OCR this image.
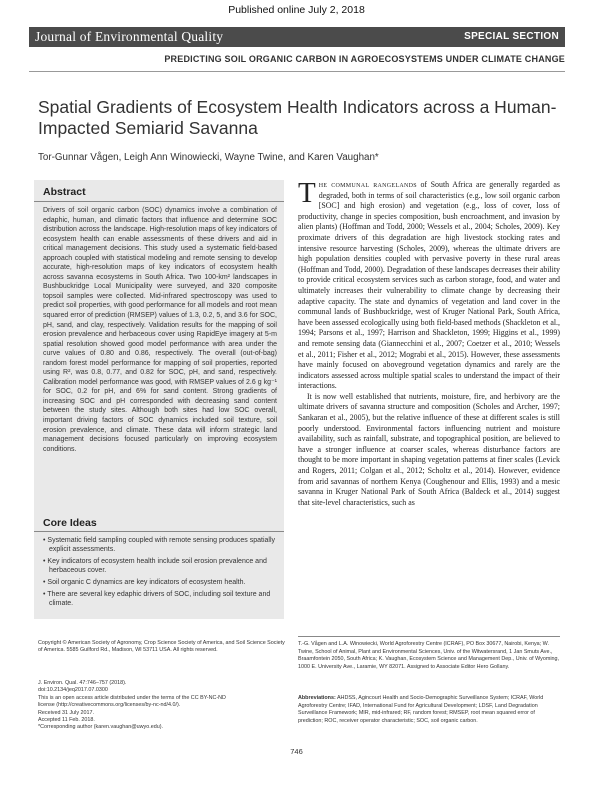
Published online July 2, 2018
Journal of Environmental Quality	SPECIAL SECTION
PREDICTING SOIL ORGANIC CARBON IN AGROECOSYSTEMS UNDER CLIMATE CHANGE
Spatial Gradients of Ecosystem Health Indicators across a Human-Impacted Semiarid Savanna
Tor-Gunnar Vågen, Leigh Ann Winowiecki, Wayne Twine, and Karen Vaughan*
Abstract
Drivers of soil organic carbon (SOC) dynamics involve a combination of edaphic, human, and climatic factors that influence and determine SOC distribution across the landscape. High-resolution maps of key indicators of ecosystem health can enable assessments of these drivers and aid in critical management decisions. This study used a systematic field-based approach coupled with statistical modeling and remote sensing to develop accurate, high-resolution maps of key indicators of ecosystem health across savanna ecosystems in South Africa. Two 100-km² landscapes in Bushbuckridge Local Municipality were surveyed, and 320 composite topsoil samples were collected. Mid-infrared spectroscopy was used to predict soil properties, with good performance for all models and root mean squared error of prediction (RMSEP) values of 1.3, 0.2, 5, and 3.6 for SOC, pH, sand, and clay, respectively. Validation results for the mapping of soil erosion prevalence and herbaceous cover using RapidEye imagery at 5-m spatial resolution showed good model performance with area under the curve values of 0.80 and 0.86, respectively. The overall (out-of-bag) random forest model performance for mapping of soil properties, reported using R², was 0.8, 0.77, and 0.82 for SOC, pH, and sand, respectively. Calibration model performance was good, with RMSEP values of 2.6 g kg⁻¹ for SOC, 0.2 for pH, and 6% for sand content. Strong gradients of increasing SOC and pH corresponded with decreasing sand content between the study sites. Although both sites had low SOC overall, important driving factors of SOC dynamics included soil texture, soil erosion prevalence, and climate. These data will inform strategic land management decisions focused particularly on improving ecosystem conditions.
Core Ideas
• Systematic field sampling coupled with remote sensing produces spatially explicit assessments.
• Key indicators of ecosystem health include soil erosion prevalence and herbaceous cover.
• Soil organic C dynamics are key indicators of ecosystem health.
• There are several key edaphic drivers of SOC, including soil texture and climate.

The communal rangelands of South Africa are generally regarded as degraded, both in terms of soil characteristics (e.g., low soil organic carbon [SOC] and high erosion) and vegetation (e.g., loss of cover, loss of productivity, change in species composition, bush encroachment, and invasion by alien plants) (Hoffman and Todd, 2000; Wessels et al., 2004; Scholes, 2009). Key proximate drivers of this degradation are high livestock stocking rates and intensive resource harvesting (Scholes, 2009), whereas the ultimate drivers are high population densities coupled with pervasive poverty in these rural areas (Hoffman and Todd, 2000). Degradation of these landscapes decreases their ability to provide critical ecosystem services such as carbon storage, food, and water and ultimately increases their vulnerability to climate change by decreasing their adaptive capacity. The state and dynamics of vegetation and land cover in the communal lands of Bushbuckridge, west of Kruger National Park, South Africa, have been assessed ecologically using both field-based methods (Shackleton et al., 1994; Parsons et al., 1997; Harrison and Shackleton, 1999; Higgins et al., 1999) and remote sensing data (Giannecchini et al., 2007; Coetzer et al., 2010; Wessels et al., 2011; Fisher et al., 2012; Mograbi et al., 2015). However, these assessments have mainly focused on aboveground vegetation dynamics and rarely are the indicators assessed across multiple spatial scales to understand the impact of their interactions.

It is now well established that nutrients, moisture, fire, and herbivory are the ultimate drivers of savanna structure and composition (Scholes and Archer, 1997; Sankaran et al., 2005), but the relative influence of these at different scales is still poorly understood. Environmental factors influencing nutrient and moisture availability, such as rainfall, substrate, and topographical position, are believed to have a stronger influence at coarser scales, whereas disturbance factors are thought to be more important in shaping vegetation patterns at finer scales (Levick and Rogers, 2011; Colgan et al., 2012; Scholtz et al., 2014). However, evidence from arid savannas of northern Kenya (Coughenour and Ellis, 1993) and a mesic savanna in Kruger National Park of South Africa (Baldeck et al., 2014) suggest that site-level characteristics, such as

Copyright © American Society of Agronomy, Crop Science Society of America, and Soil Science Society of America. 5585 Guilford Rd., Madison, WI 53711 USA. All rights reserved.
J. Environ. Qual. 47:746–757 (2018).
doi:10.2134/jeq2017.07.0300
This is an open access article distributed under the terms of the CC BY-NC-ND
license (http://creativecommons.org/licenses/by-nc-nd/4.0/).
Received 31 July 2017.
Accepted 11 Feb. 2018.
*Corresponding author (karen.vaughan@uwyo.edu).
T.-G. Vågen and L.A. Winowiecki, World Agroforestry Centre (ICRAF), PO Box 30677, Nairobi, Kenya; W. Twine, School of Animal, Plant and Environmental Sciences, Univ. of the Witwatersrand, 1 Jan Smuts Ave., Braamfontein 2050, South Africa; K. Vaughan, Ecosystem Science and Management Dep., Univ. of Wyoming, 1000 E. University Ave., Laramie, WY 82071. Assigned to Associate Editor Hero Gollany.
Abbreviations: AHDSS, Agincourt Health and Socio-Demographic Surveillance System; ICRAF, World Agroforestry Centre; IFAD, International Fund for Agricultural Development; LDSF, Land Degradation Surveillance Framework; MIR, mid-infrared; RF, random forest; RMSEP, root mean squared error of prediction; ROC, receiver operator characteristic; SOC, soil organic carbon.
746
